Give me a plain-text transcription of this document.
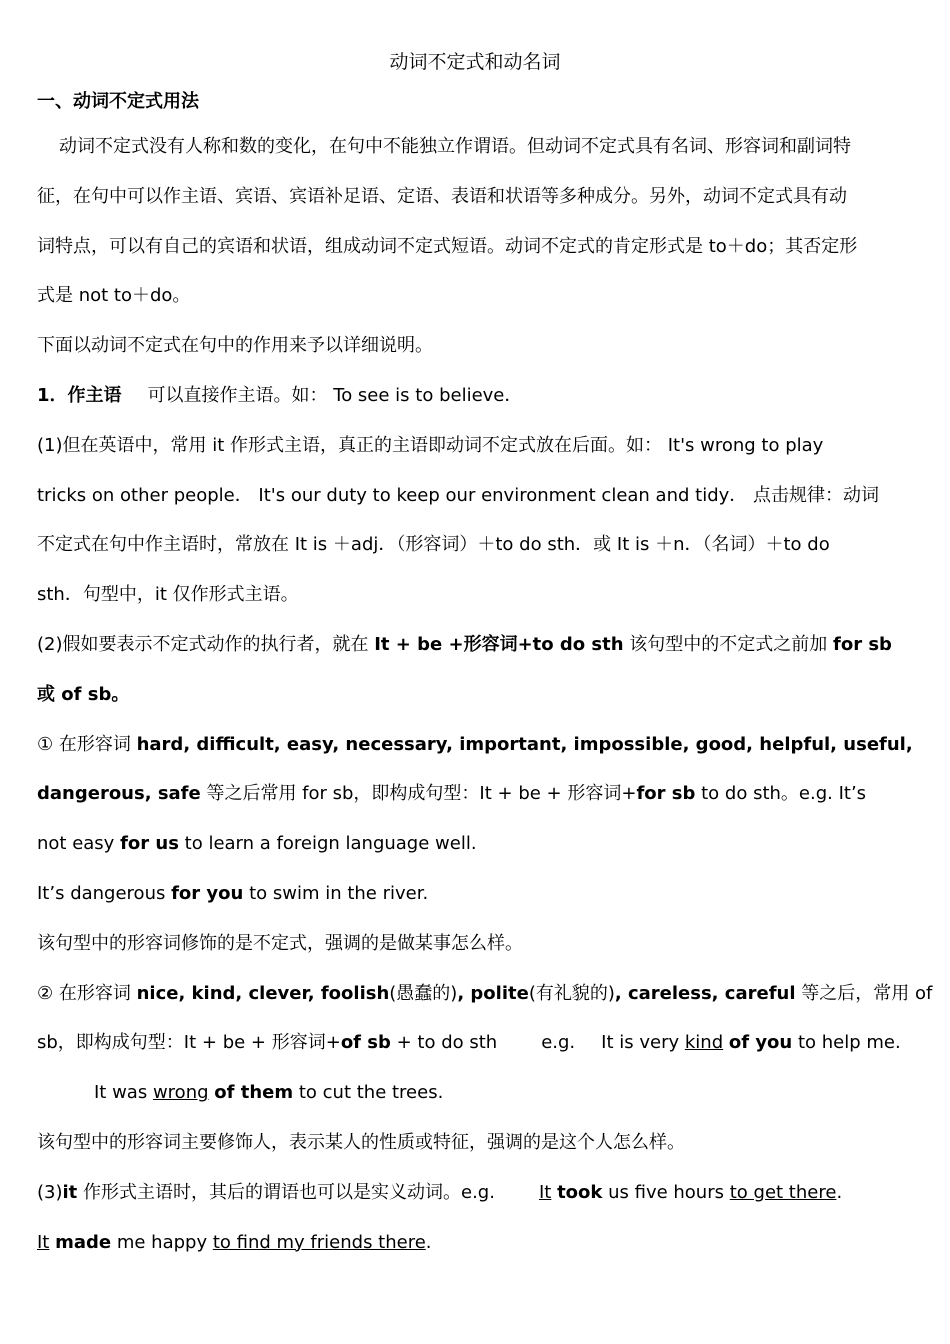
动词不定式和动名词

一、动词不定式用法

动词不定式没有人称和数的变化，在句中不能独立作谓语。但动词不定式具有名词、形容词和副词特

征，在句中可以作主语、宾语、宾语补足语、定语、表语和状语等多种成分。另外，动词不定式具有动

词特点，可以有自己的宾语和状语，组成动词不定式短语。动词不定式的肯定形式是 to＋do；其否定形

式是 not to＋do。

下面以动词不定式在句中的作用来予以详细说明。

1．作主语 可以直接作主语。如： To see is to believe．

(1)但在英语中，常用 it 作形式主语，真正的主语即动词不定式放在后面。如： It's wrong to play

tricks on other people． It's our duty to keep our environment clean and tidy． 点击规律：动词

不定式在句中作主语时，常放在 It is ＋adj．（形容词）＋to do sth．或 It is ＋n．（名词）＋to do

sth．句型中，it 仅作形式主语。

(2)假如要表示不定式动作的执行者，就在 It + be +形容词+to do sth 该句型中的不定式之前加 for sb

或 of sb。

① 在形容词 hard, difficult, easy, necessary, important, impossible, good, helpful, useful,

dangerous, safe 等之后常用 for sb，即构成句型：It + be + 形容词+for sb to do sth。e.g. It’s

not easy for us to learn a foreign language well.

It’s dangerous for you to swim in the river.

该句型中的形容词修饰的是不定式，强调的是做某事怎么样。

② 在形容词 nice, kind, clever, foolish(愚蠢的), polite(有礼貌的), careless, careful 等之后，常用 of

sb，即构成句型：It + be + 形容词+of sb + to do sth e.g. It is very kind of you to help me.

It was wrong of them to cut the trees.

该句型中的形容词主要修饰人，表示某人的性质或特征，强调的是这个人怎么样。

(3)it 作形式主语时，其后的谓语也可以是实义动词。e.g. It took us five hours to get there.

It made me happy to find my friends there.
